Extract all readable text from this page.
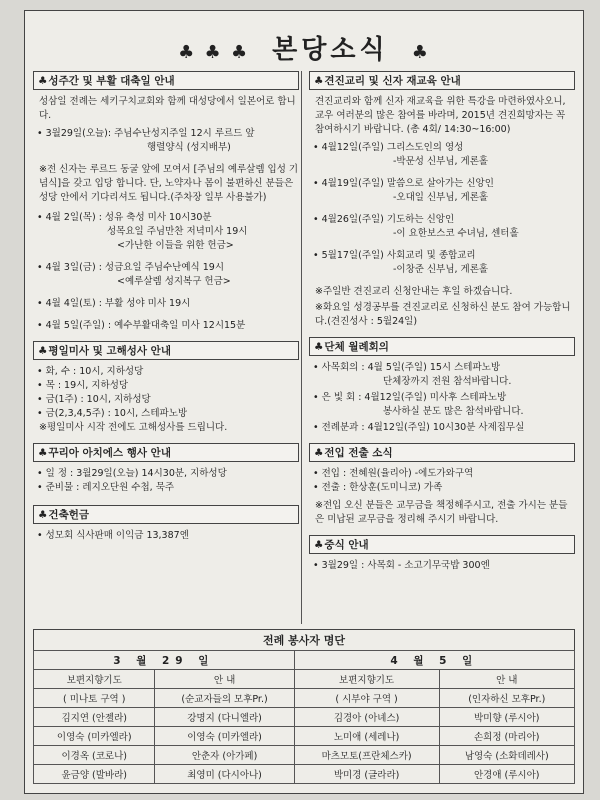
♣ ♣ ♣ 본당소식 ♣
♣ 성주간 및 부활 대축일 안내

성삼일 전례는 세키구치교회와 함께 대성당에서 일본어로 합니다.

• 3월29일(오늘): 주님수난성지주일 12시 루르드 앞
행렬양식 (성지배부)

※전 신자는 루르드 동굴 앞에 모여서 [주님의 예루살렘 입성 기념식]을 갖고 입당 합니다. 단, 노약자나 몸이 불편하신 분들은 성당 안에서 기다리셔도 됩니다.(주차장 일부 사용불가)

• 4월 2일(목) : 성유 축성 미사 10시30분
성목요일 주님만찬 저녁미사 19시
<가난한 이들을 위한 헌금>
• 4월 3일(금) : 성금요일 주님수난예식 19시
<예루살렘 성지복구 헌금>
• 4월 4일(토) : 부활 성야 미사 19시
• 4월 5일(주일) : 예수부활대축일 미사 12시15분
♣ 평일미사 및 고해성사 안내

• 화, 수 : 10시, 지하성당

• 목 : 19시, 지하성당

• 금(1주) : 10시, 지하성당

• 금(2,3,4,5주) : 10시, 스테파노방

※평일미사 시작 전에도 고해성사를 드립니다.

♣ 꾸리아 아치에스 행사 안내

• 일 정 : 3월29일(오늘) 14시30분, 지하성당

• 준비물 : 레지오단원 수첩, 묵주

♣ 건축헌금

• 성모회 식사판매 이익금 13,387엔

♣ 견진교리 및 신자 재교육 안내

견진교리와 함께 신자 재교육을 위한 특강을 마련하였사오니, 교우 여러분의 많은 참여를 바라며, 2015년 견진희망자는 꼭 참여하시기 바랍니다. (총 4회/ 14:30~16:00)

• 4월12일(주일) 그리스도인의 영성
-박문성 신부님, 게론홀
• 4월19일(주일) 말씀으로 살아가는 신앙인
-오대일 신부님, 게론홀
• 4월26일(주일) 기도하는 신앙인
-이 요한보스코 수녀님, 센터홀
• 5월17일(주일) 사회교리 및 종합교리
-이창준 신부님, 게론홀

※주일반 견진교리 신청안내는 후일 하겠습니다.

※화요일 성경공부를 견진교리로 신청하신 분도 참여 가능합니다.(견진성사 : 5월24일)

♣ 단체 월례회의
• 사목회의 : 4월 5일(주일) 15시 스테파노방
단체장까지 전원 참석바랍니다.
• 은 빛 회 : 4월12일(주일) 미사후 스테파노방
봉사하실 분도 많은 참석바랍니다.
• 전례분과 : 4월12일(주일) 10시30분 사제집무실
♣ 전입 전출 소식

• 전입 : 전혜원(율리아) -에도가와구역

• 전출 : 한상훈(도미니코) 가족

※전입 오신 분들은 교무금을 책정해주시고, 전출 가시는 분들은 미납된 교무금을 정리해 주시기 바랍니다.

♣ 중식 안내

• 3월29일 : 사목회 - 소고기무국밥 300엔

전례 봉사자 명단
3 월 29 일		4 월 5 일	
보편지향기도	안 내	보편지향기도	안 내
( 미나토 구역 )	(순교자들의 모후Pr.)	( 시부야 구역 )	(인자하신 모후Pr.)
김지연 (안젤라)	강명지 (다니엘라)	김경아 (아녜스)	박미향 (루시아)
이영숙 (미카엘라)	이영숙 (미카엘라)	노미애 (세레나)	손희정 (마리아)
이경옥 (코로나)	안춘자 (아가페)	마츠모토(프란체스카)	남영숙 (소화데레사)
윤금양 (발바라)	최영미 (다시아나)	박미경 (글라라)	안경애 (루시아)
